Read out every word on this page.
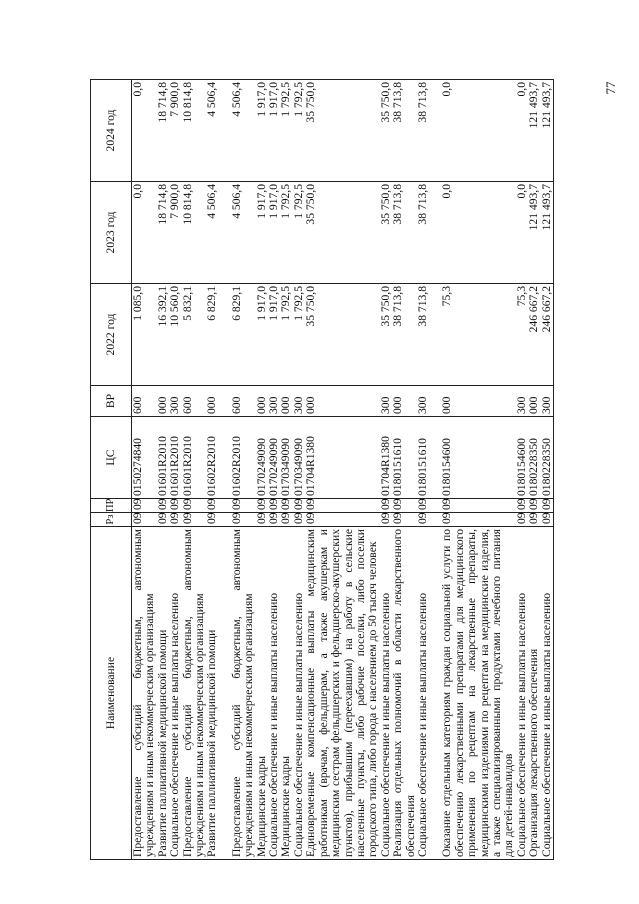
77
Наименование	Рз	ПР	ЦС	ВР	2022 год	2023 год	2024 год
Предоставление субсидий бюджетным, автономным учреждениям и иным некоммерческим организациям	09	09	0150274840	600	1 085,0	0,0	0,0
Развитие паллиативной медицинской помощи	09	09	01601R2010	000	16 392,1	18 714,8	18 714,8
Социальное обеспечение и иные выплаты населению	09	09	01601R2010	300	10 560,0	7 900,0	7 900,0
Предоставление субсидий бюджетным, автономным учреждениям и иным некоммерческим организациям	09	09	01601R2010	600	5 832,1	10 814,8	10 814,8
Развитие паллиативной медицинской помощи	09	09	01602R2010	000	6 829,1	4 506,4	4 506,4
Предоставление субсидий бюджетным, автономным учреждениям и иным некоммерческим организациям	09	09	01602R2010	600	6 829,1	4 506,4	4 506,4
Медицинские кадры	09	09	0170249090	000	1 917,0	1 917,0	1 917,0
Социальное обеспечение и иные выплаты населению	09	09	0170249090	300	1 917,0	1 917,0	1 917,0
Медицинские кадры	09	09	0170349090	000	1 792,5	1 792,5	1 792,5
Социальное обеспечение и иные выплаты населению	09	09	0170349090	300	1 792,5	1 792,5	1 792,5
Единовременные компенсационные выплаты медицинским работникам (врачам, фельдшерам, а также акушеркам и медицинским сестрам фельдшерских и фельдшерско-акушерских пунктов), прибывшим (переехавшим) на работу в сельские населенные пункты, либо рабочие поселки, либо поселки городского типа, либо города с населением до 50 тысяч человек	09	09	01704R1380	000	35 750,0	35 750,0	35 750,0
Социальное обеспечение и иные выплаты населению	09	09	01704R1380	300	35 750,0	35 750,0	35 750,0
Реализация отдельных полномочий в области лекарственного обеспечения	09	09	0180151610	000	38 713,8	38 713,8	38 713,8
Социальное обеспечение и иные выплаты населению	09	09	0180151610	300	38 713,8	38 713,8	38 713,8
Оказание отдельным категориям граждан социальной услуги по обеспечению лекарственными препаратами для медицинского применения по рецептам на лекарственные препараты, медицинскими изделиями по рецептам на медицинские изделия, а также специализированными продуктами лечебного питания для детей-инвалидов	09	09	0180154600	000	75,3	0,0	0,0
Социальное обеспечение и иные выплаты населению	09	09	0180154600	300	75,3	0,0	0,0
Организация лекарственного обеспечения	09	09	0180228350	000	246 667,2	121 493,7	121 493,7
Социальное обеспечение и иные выплаты населению	09	09	0180228350	300	246 667,2	121 493,7	121 493,7
